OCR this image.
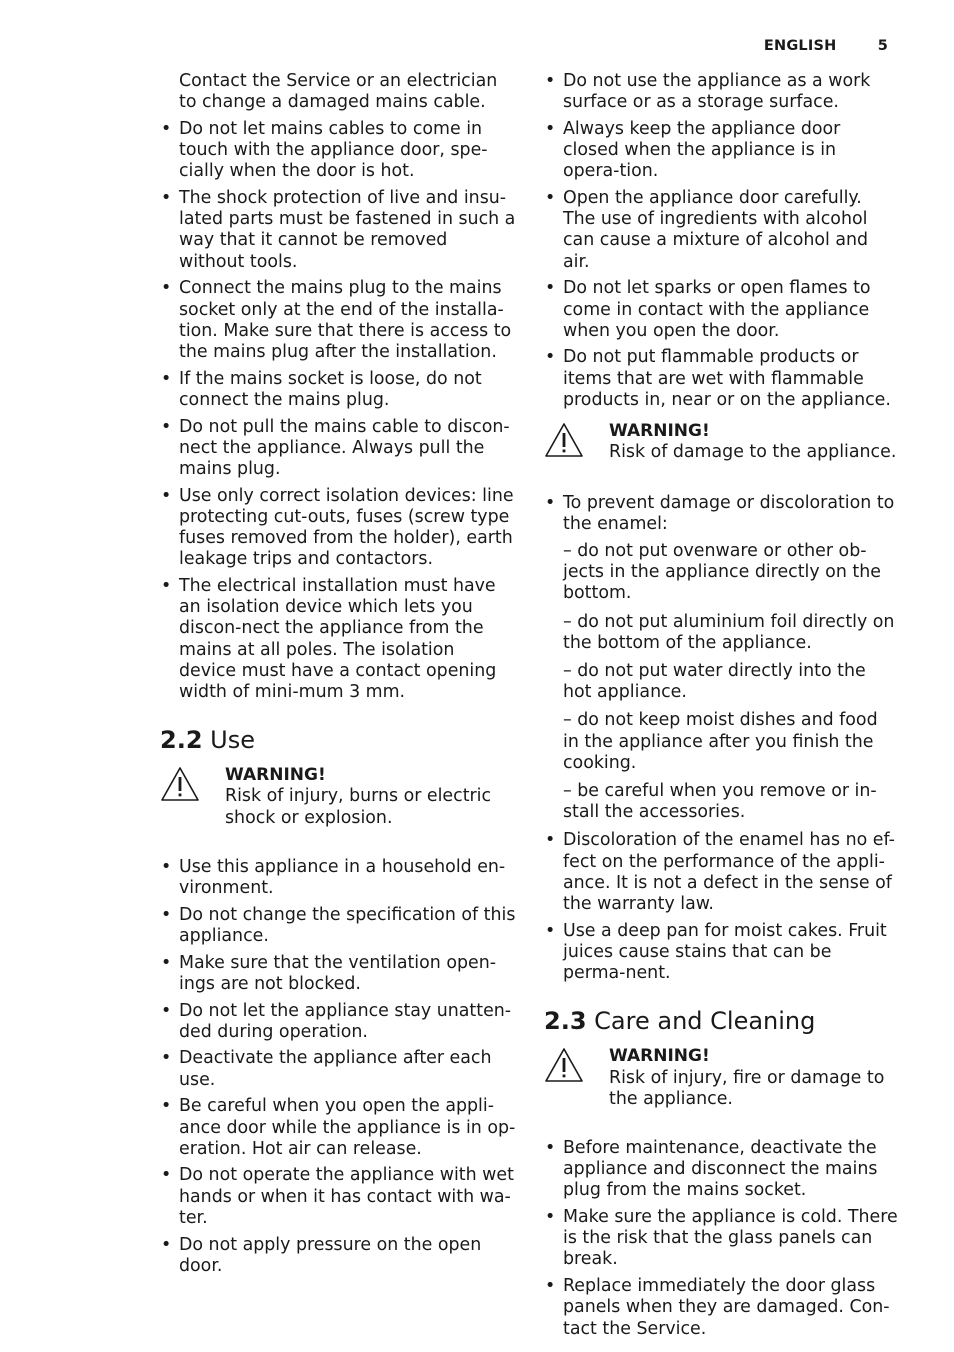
ENGLISH	5
Contact the Service or an electrician to change a damaged mains cable.
• Do not let mains cables to come in touch with the appliance door, spe-cially when the door is hot.
• The shock protection of live and insu-lated parts must be fastened in such a way that it cannot be removed without tools.
• Connect the mains plug to the mains socket only at the end of the installa-tion. Make sure that there is access to the mains plug after the installation.
• If the mains socket is loose, do not connect the mains plug.
• Do not pull the mains cable to discon-nect the appliance. Always pull the mains plug.
• Use only correct isolation devices: line protecting cut-outs, fuses (screw type fuses removed from the holder), earth leakage trips and contactors.
• The electrical installation must have an isolation device which lets you discon-nect the appliance from the mains at all poles. The isolation device must have a contact opening width of mini-mum 3 mm.
2.2 Use
WARNING!
Risk of injury, burns or electric shock or explosion.
• Use this appliance in a household en-vironment.
• Do not change the specification of this appliance.
• Make sure that the ventilation open-ings are not blocked.
• Do not let the appliance stay unatten-ded during operation.
• Deactivate the appliance after each use.
• Be careful when you open the appli-ance door while the appliance is in op-eration. Hot air can release.
• Do not operate the appliance with wet hands or when it has contact with wa-ter.
• Do not apply pressure on the open door.
• Do not use the appliance as a work surface or as a storage surface.
• Always keep the appliance door closed when the appliance is in opera-tion.
• Open the appliance door carefully. The use of ingredients with alcohol can cause a mixture of alcohol and air.
• Do not let sparks or open flames to come in contact with the appliance when you open the door.
• Do not put flammable products or items that are wet with flammable products in, near or on the appliance.
WARNING!
Risk of damage to the appliance.
• To prevent damage or discoloration to the enamel:
– do not put ovenware or other ob-jects in the appliance directly on the bottom.
– do not put aluminium foil directly on the bottom of the appliance.
– do not put water directly into the hot appliance.
– do not keep moist dishes and food in the appliance after you finish the cooking.
– be careful when you remove or in-stall the accessories.
• Discoloration of the enamel has no ef-fect on the performance of the appli-ance. It is not a defect in the sense of the warranty law.
• Use a deep pan for moist cakes. Fruit juices cause stains that can be perma-nent.
2.3 Care and Cleaning
WARNING!
Risk of injury, fire or damage to the appliance.
• Before maintenance, deactivate the appliance and disconnect the mains plug from the mains socket.
• Make sure the appliance is cold. There is the risk that the glass panels can break.
• Replace immediately the door glass panels when they are damaged. Con-tact the Service.
